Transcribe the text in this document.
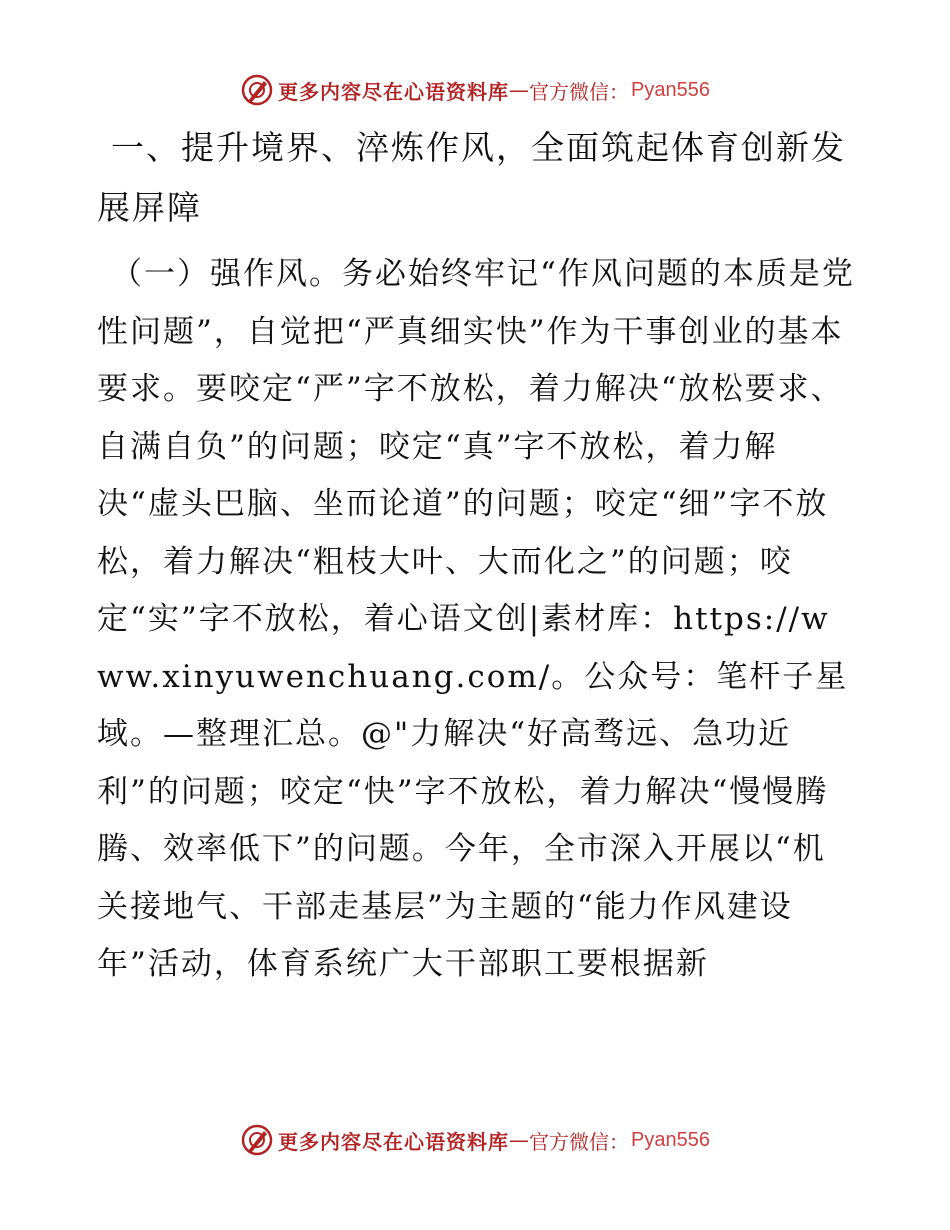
更多内容尽在心语资料库 — 官方微信： Pyan556

一、提升境界、淬炼作风，全面筑起体育创新发展屏障

（一）强作风。务必始终牢记“作风问题的本质是党性问题”，自觉把“严真细实快”作为干事创业的基本要求。要咬定“严”字不放松，着力解决“放松要求、自满自负”的问题；咬定“真”字不放松，着力解决“虚头巴脑、坐而论道”的问题；咬定“细”字不放松，着力解决“粗枝大叶、大而化之”的问题；咬定“实”字不放松，着心语文创|素材库：https://www.xinyuwenchuang.com/。公众号：笔杆子星域。—整理汇总。@"力解决“好高骛远、急功近利”的问题；咬定“快”字不放松，着力解决“慢慢腾腾、效率低下”的问题。今年，全市深入开展以“机关接地气、干部走基层”为主题的“能力作风建设年”活动，体育系统广大干部职工要根据新

更多内容尽在心语资料库 — 官方微信： Pyan556
